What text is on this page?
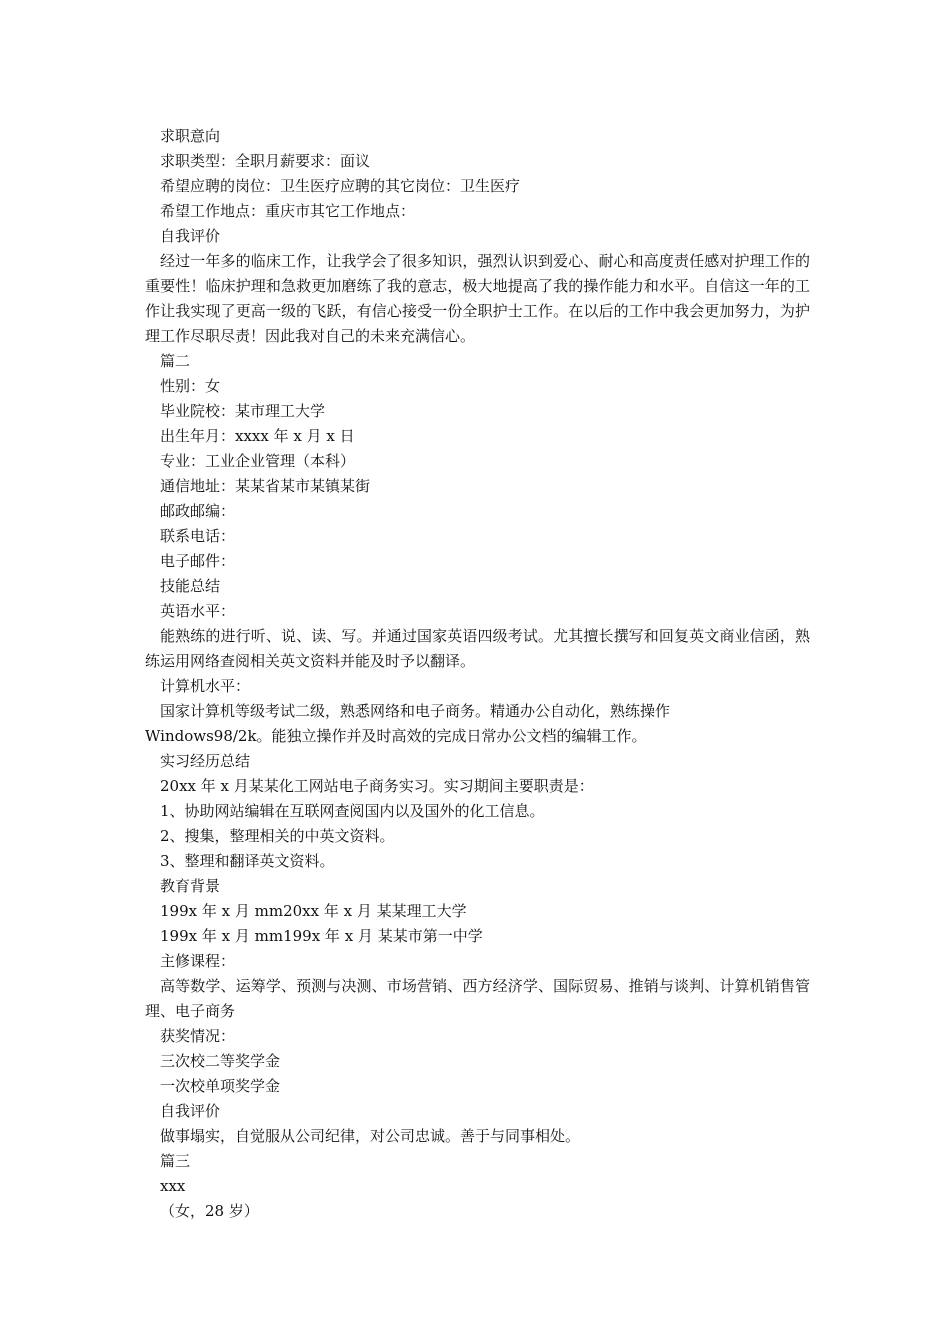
求职意向
求职类型：全职月薪要求：面议
希望应聘的岗位：卫生医疗应聘的其它岗位：卫生医疗
希望工作地点：重庆市其它工作地点：
自我评价

经过一年多的临床工作，让我学会了很多知识，强烈认识到爱心、耐心和高度责任感对护理工作的重要性！临床护理和急救更加磨练了我的意志，极大地提高了我的操作能力和水平。自信这一年的工作让我实现了更高一级的飞跃，有信心接受一份全职护士工作。在以后的工作中我会更加努力，为护理工作尽职尽责！因此我对自己的未来充满信心。

篇二
性别：女
毕业院校：某市理工大学
出生年月：xxxx 年 x 月 x 日
专业：工业企业管理（本科）
通信地址：某某省某市某镇某街
邮政邮编：
联系电话：
电子邮件：
技能总结
英语水平：

能熟练的进行听、说、读、写。并通过国家英语四级考试。尤其擅长撰写和回复英文商业信函，熟练运用网络查阅相关英文资料并能及时予以翻译。

计算机水平：
国家计算机等级考试二级，熟悉网络和电子商务。精通办公自动化，熟练操作
Windows98/2k。能独立操作并及时高效的完成日常办公文档的编辑工作。
实习经历总结
20xx 年 x 月某某化工网站电子商务实习。实习期间主要职责是：
1、协助网站编辑在互联网查阅国内以及国外的化工信息。
2、搜集，整理相关的中英文资料。
3、整理和翻译英文资料。
教育背景
199x 年 x 月 mm20xx 年 x 月 某某理工大学
199x 年 x 月 mm199x 年 x 月 某某市第一中学
主修课程：

高等数学、运筹学、预测与决测、市场营销、西方经济学、国际贸易、推销与谈判、计算机销售管理、电子商务

获奖情况：
三次校二等奖学金
一次校单项奖学金
自我评价
做事塌实，自觉服从公司纪律，对公司忠诚。善于与同事相处。
篇三
xxx
（女，28 岁）
